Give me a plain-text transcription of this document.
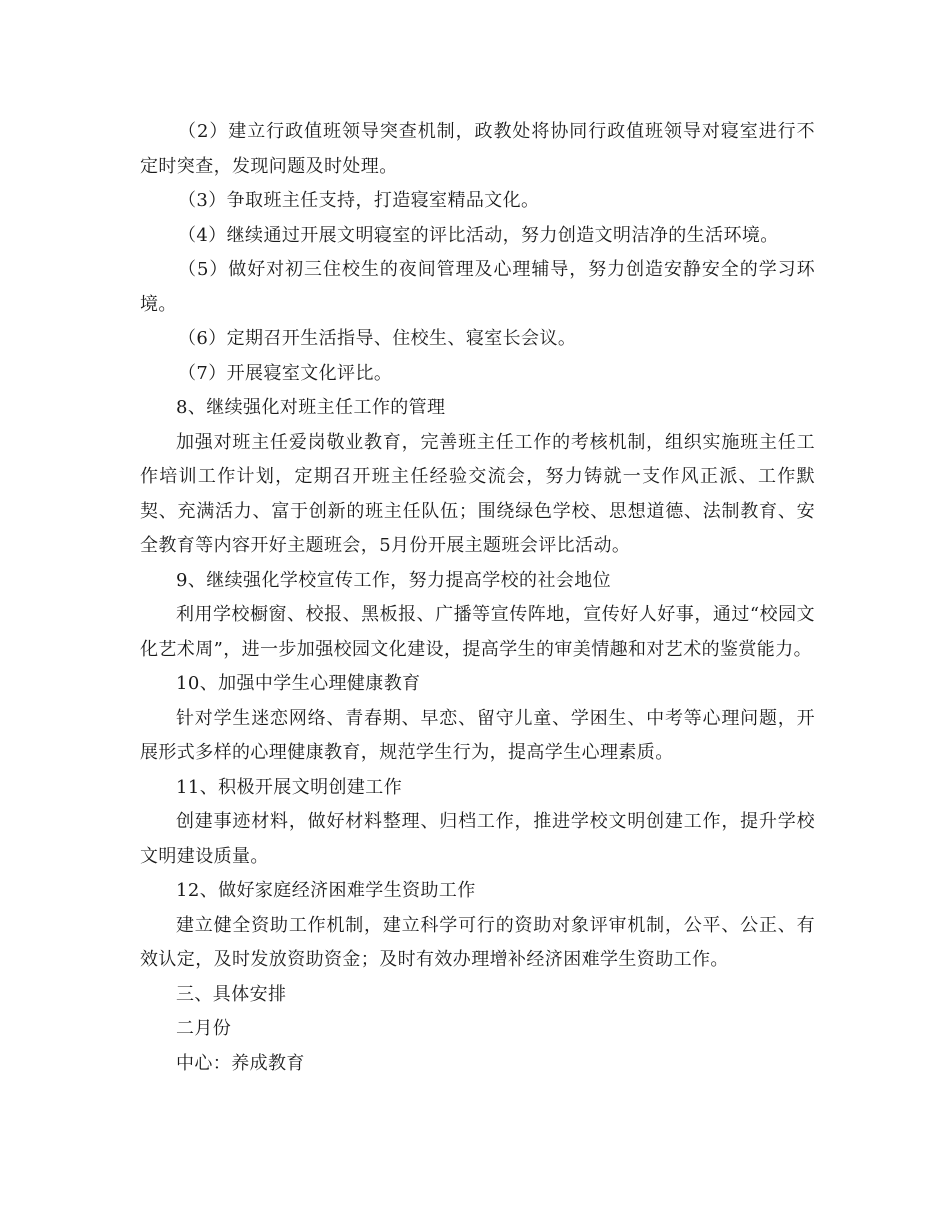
（2）建立行政值班领导突查机制，政教处将协同行政值班领导对寝室进行不定时突查，发现问题及时处理。

（3）争取班主任支持，打造寝室精品文化。

（4）继续通过开展文明寝室的评比活动，努力创造文明洁净的生活环境。

（5）做好对初三住校生的夜间管理及心理辅导，努力创造安静安全的学习环境。

（6）定期召开生活指导、住校生、寝室长会议。

（7）开展寝室文化评比。

8、继续强化对班主任工作的管理

加强对班主任爱岗敬业教育，完善班主任工作的考核机制，组织实施班主任工作培训工作计划，定期召开班主任经验交流会，努力铸就一支作风正派、工作默契、充满活力、富于创新的班主任队伍；围绕绿色学校、思想道德、法制教育、安全教育等内容开好主题班会，5月份开展主题班会评比活动。

9、继续强化学校宣传工作，努力提高学校的社会地位

利用学校橱窗、校报、黑板报、广播等宣传阵地，宣传好人好事，通过“校园文化艺术周”，进一步加强校园文化建设，提高学生的审美情趣和对艺术的鉴赏能力。

10、加强中学生心理健康教育

针对学生迷恋网络、青春期、早恋、留守儿童、学困生、中考等心理问题，开展形式多样的心理健康教育，规范学生行为，提高学生心理素质。

11、积极开展文明创建工作

创建事迹材料，做好材料整理、归档工作，推进学校文明创建工作，提升学校文明建设质量。

12、做好家庭经济困难学生资助工作

建立健全资助工作机制，建立科学可行的资助对象评审机制，公平、公正、有效认定，及时发放资助资金；及时有效办理增补经济困难学生资助工作。

三、具体安排

二月份

中心：养成教育
